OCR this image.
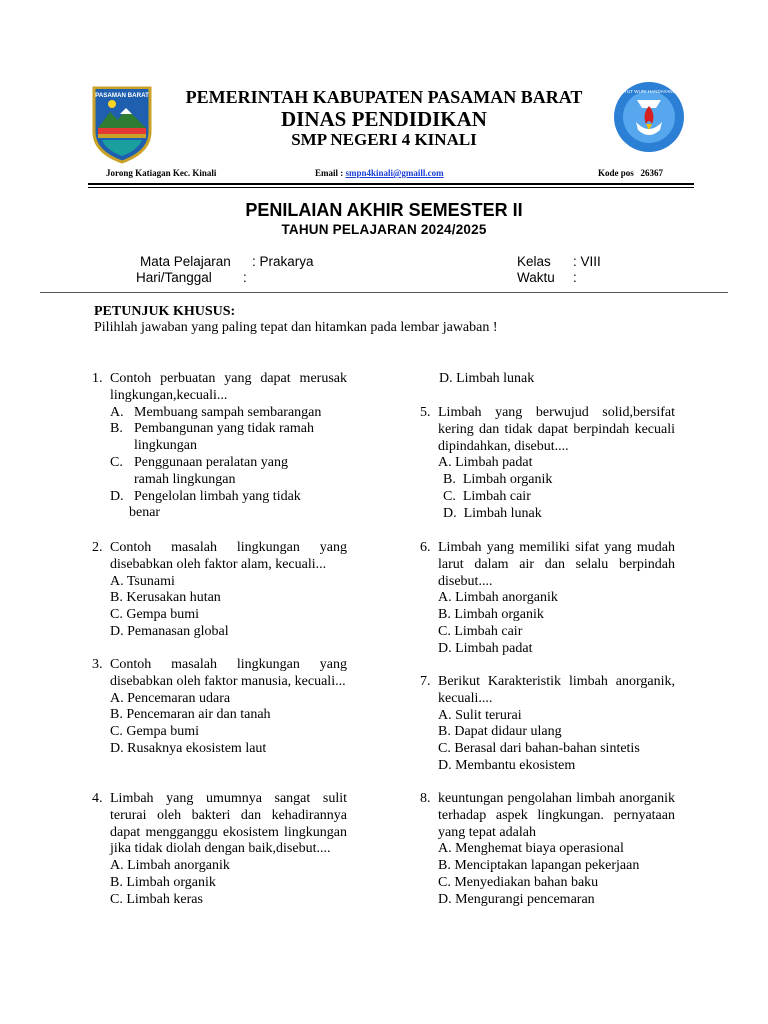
PASAMAN BARAT	PEMERINTAH KABUPATEN PASAMAN BARAT
DINAS PENDIDIKAN
SMP NEGERI 4 KINALI
TUT WURI HANDAYANI
Jorong Katiagan Kec. Kinali	Email : smpn4kinali@gmaill.com	Kode pos 26367
PENILAIAN AKHIR SEMESTER II
TAHUN PELAJARAN 2024/2025
Mata Pelajaran : Prakarya
Hari/Tanggal :
Kelas : VIII
Waktu :
PETUNJUK KHUSUS:
Pilihlah jawaban yang paling tepat dan hitamkan pada lembar jawaban !
1. Contoh perbuatan yang dapat merusak lingkungan,kecuali...
A. Membuang sampah sembarangan
B. Pembangunan yang tidak ramah
lingkungan
C. Penggunaan peralatan yang
ramah lingkungan
D. Pengelolan limbah yang tidak
benar
2. Contoh masalah lingkungan yang disebabkan oleh faktor alam, kecuali...
A. Tsunami
B. Kerusakan hutan
C. Gempa bumi
D. Pemanasan global
3. Contoh masalah lingkungan yang disebabkan oleh faktor manusia, kecuali...
A. Pencemaran udara
B. Pencemaran air dan tanah
C. Gempa bumi
D. Rusaknya ekosistem laut
4. Limbah yang umumnya sangat sulit terurai oleh bakteri dan kehadirannya dapat mengganggu ekosistem lingkungan jika tidak diolah dengan baik,disebut....
A. Limbah anorganik
B. Limbah organik
C. Limbah keras
D. Limbah lunak
5. Limbah yang berwujud solid,bersifat kering dan tidak dapat berpindah kecuali dipindahkan, disebut....
A. Limbah padat
B.  Limbah organik
C.  Limbah cair
D.  Limbah lunak
6. Limbah yang memiliki sifat yang mudah larut dalam air dan selalu berpindah disebut....
A. Limbah anorganik
B. Limbah organik
C. Limbah cair
D. Limbah padat
7. Berikut Karakteristik limbah anorganik, kecuali....
A. Sulit terurai
B. Dapat didaur ulang
C. Berasal dari bahan-bahan sintetis
D. Membantu ekosistem
8. keuntungan pengolahan limbah anorganik terhadap aspek lingkungan. pernyataan yang tepat adalah
A. Menghemat biaya operasional
B. Menciptakan lapangan pekerjaan
C. Menyediakan bahan baku
D. Mengurangi pencemaran
